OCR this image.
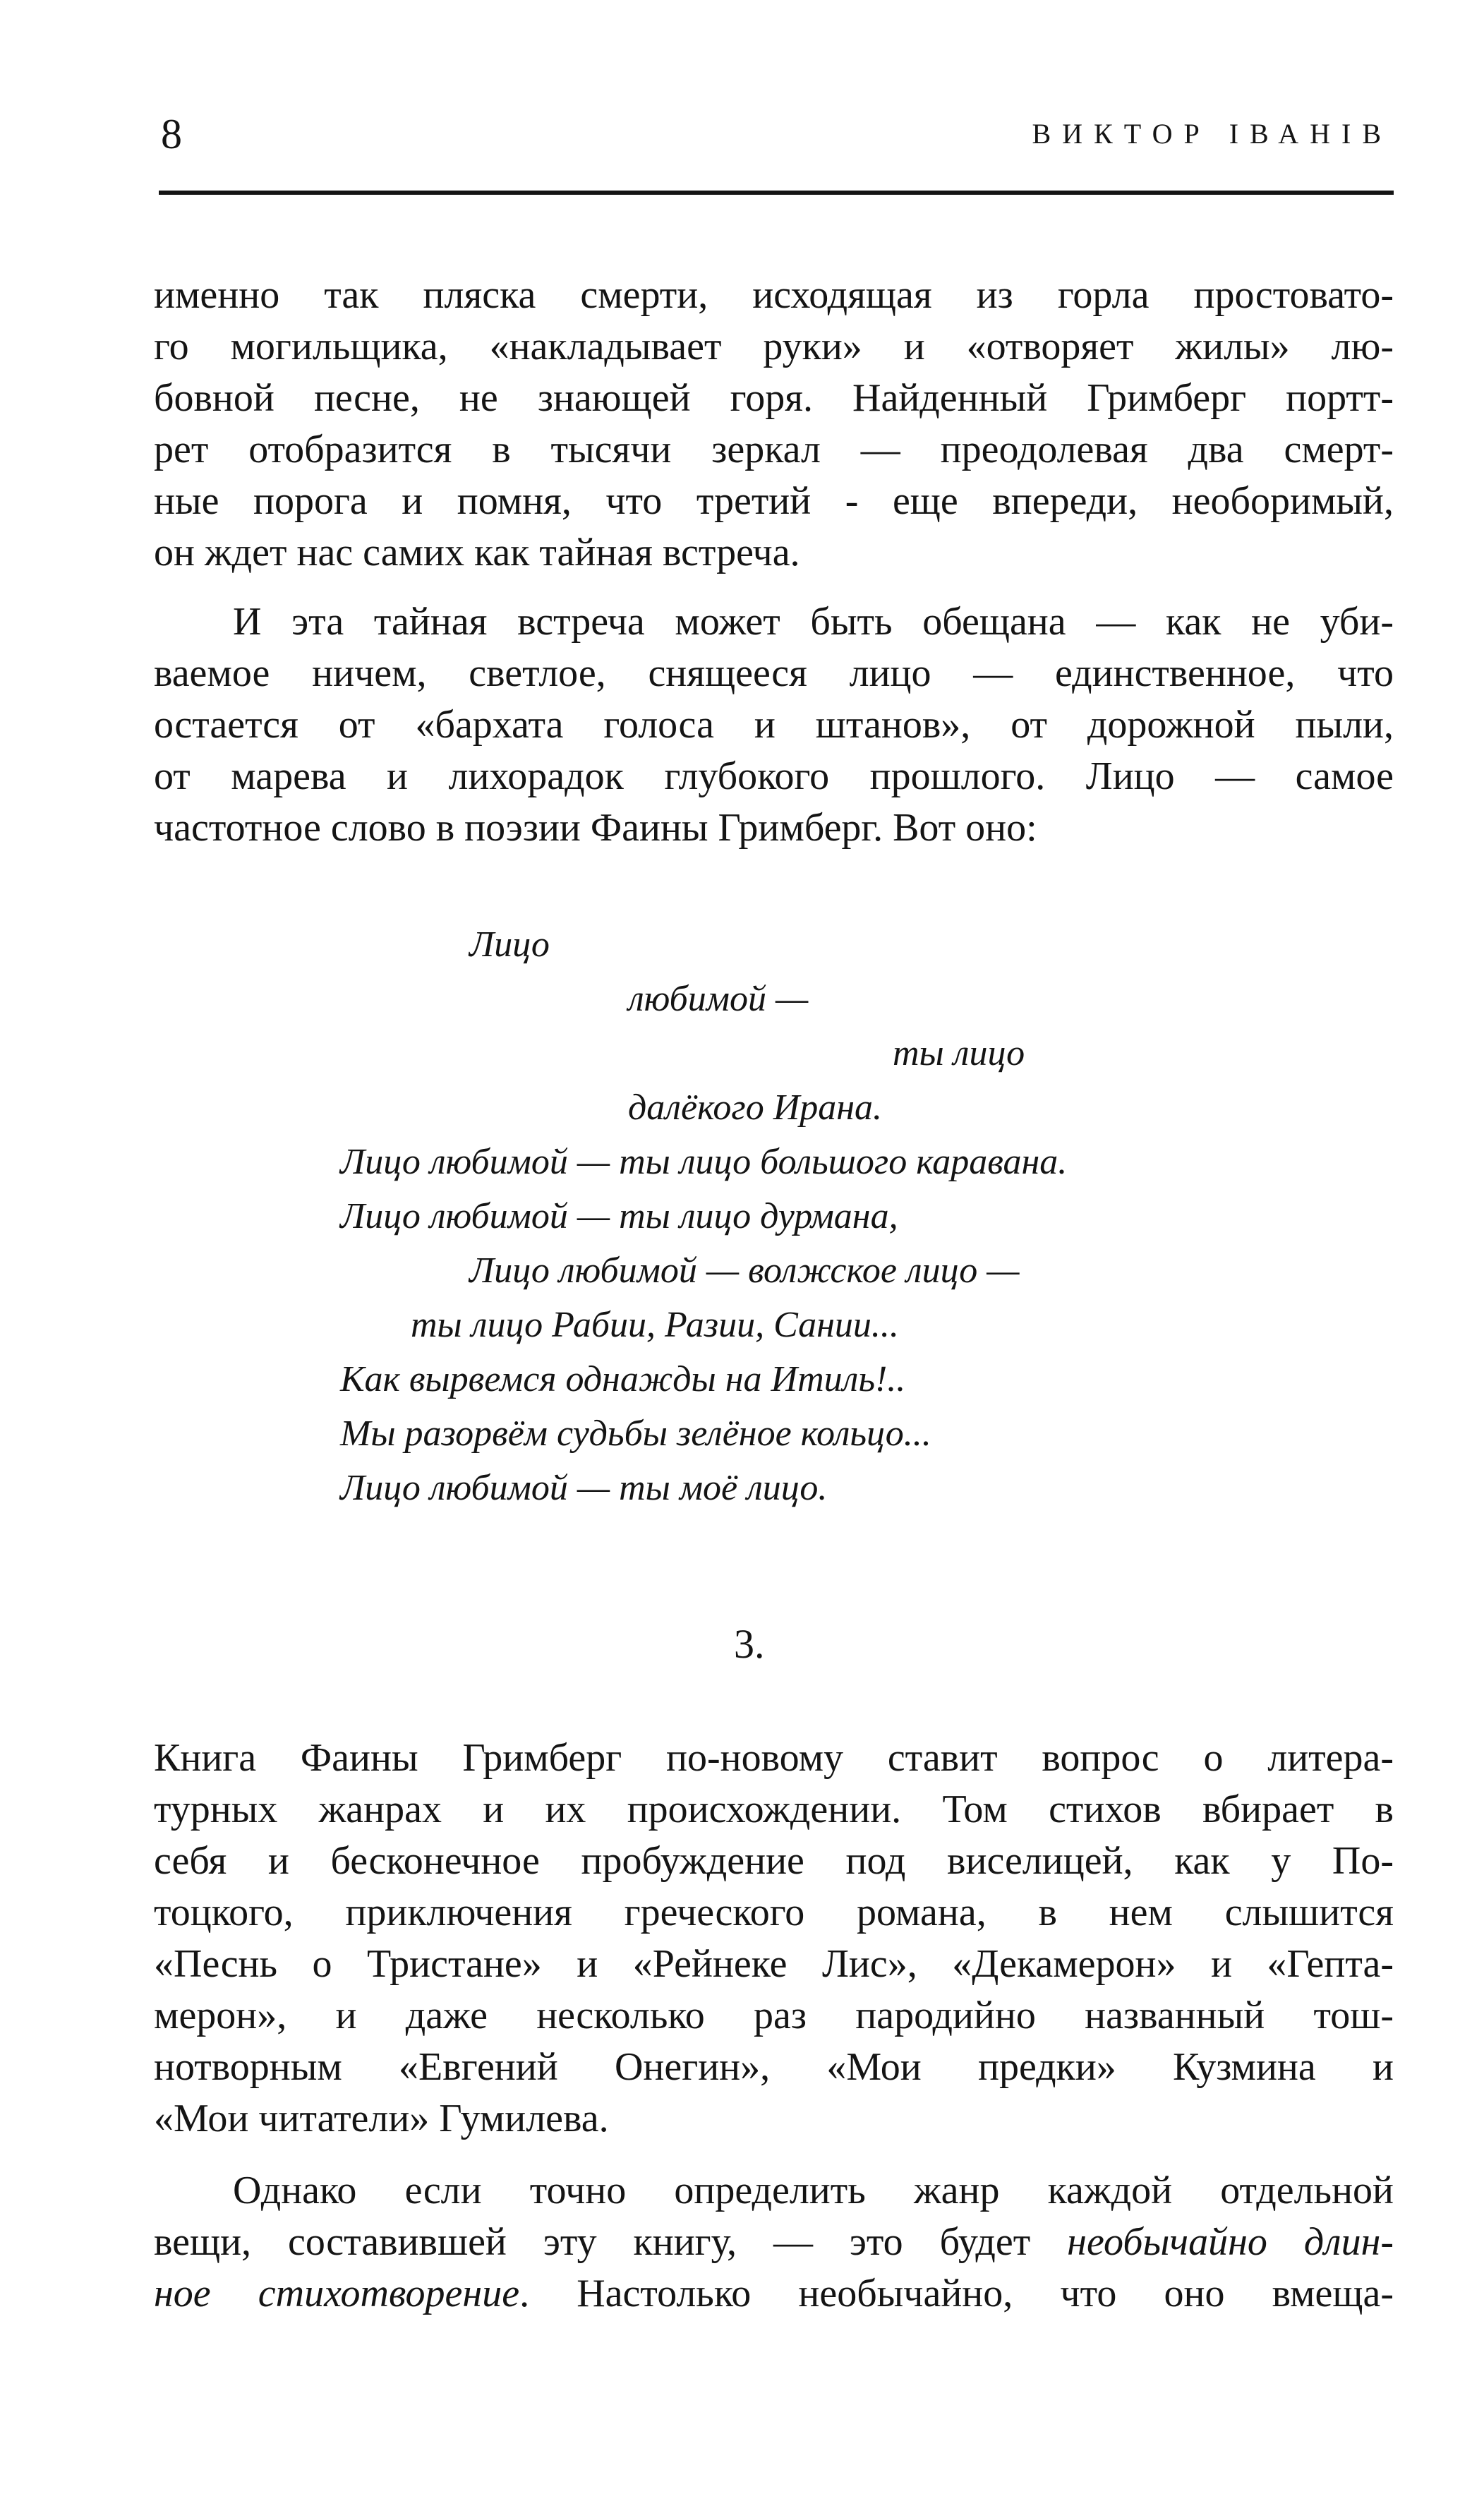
8	ВИКТОР ІВАНІВ

именно так пляска смерти, исходящая из горла простовато-
го могильщика, «накладывает руки» и «отворяет жилы» лю-
бовной песне, не знающей горя. Найденный Гримберг портт-
рет отобразится в тысячи зеркал — преодолевая два смерт-
ные порога и помня, что третий - еще впереди, необоримый,
он ждет нас самих как тайная встреча.

И эта тайная встреча может быть обещана — как не уби-
ваемое ничем, светлое, снящееся лицо — единственное, что
остается от «бархата голоса и штанов», от дорожной пыли,
от марева и лихорадок глубокого прошлого. Лицо — самое
частотное слово в поэзии Фаины Гримберг. Вот оно:

Лицо
любимой —
ты лицо
далёкого Ирана.
Лицо любимой — ты лицо большого каравана.
Лицо любимой — ты лицо дурмана,
Лицо любимой — волжское лицо —
ты лицо Рабии, Разии, Сании...
Как вырвемся однажды на Итиль!..
Мы разорвём судьбы зелёное кольцо...
Лицо любимой — ты моё лицо.
3.

Книга Фаины Гримберг по-новому ставит вопрос о литера-
турных жанрах и их происхождении. Том стихов вбирает в
себя и бесконечное пробуждение под виселицей, как у По-
тоцкого, приключения греческого романа, в нем слышится
«Песнь о Тристане» и «Рейнеке Лис», «Декамерон» и «Гепта-
мерон», и даже несколько раз пародийно названный тош-
нотворным «Евгений Онегин», «Мои предки» Кузмина и
«Мои читатели» Гумилева.

Однако если точно определить жанр каждой отдельной
вещи, составившей эту книгу, — это будет необычайно длин-
ное стихотворение. Настолько необычайно, что оно вмеща-
